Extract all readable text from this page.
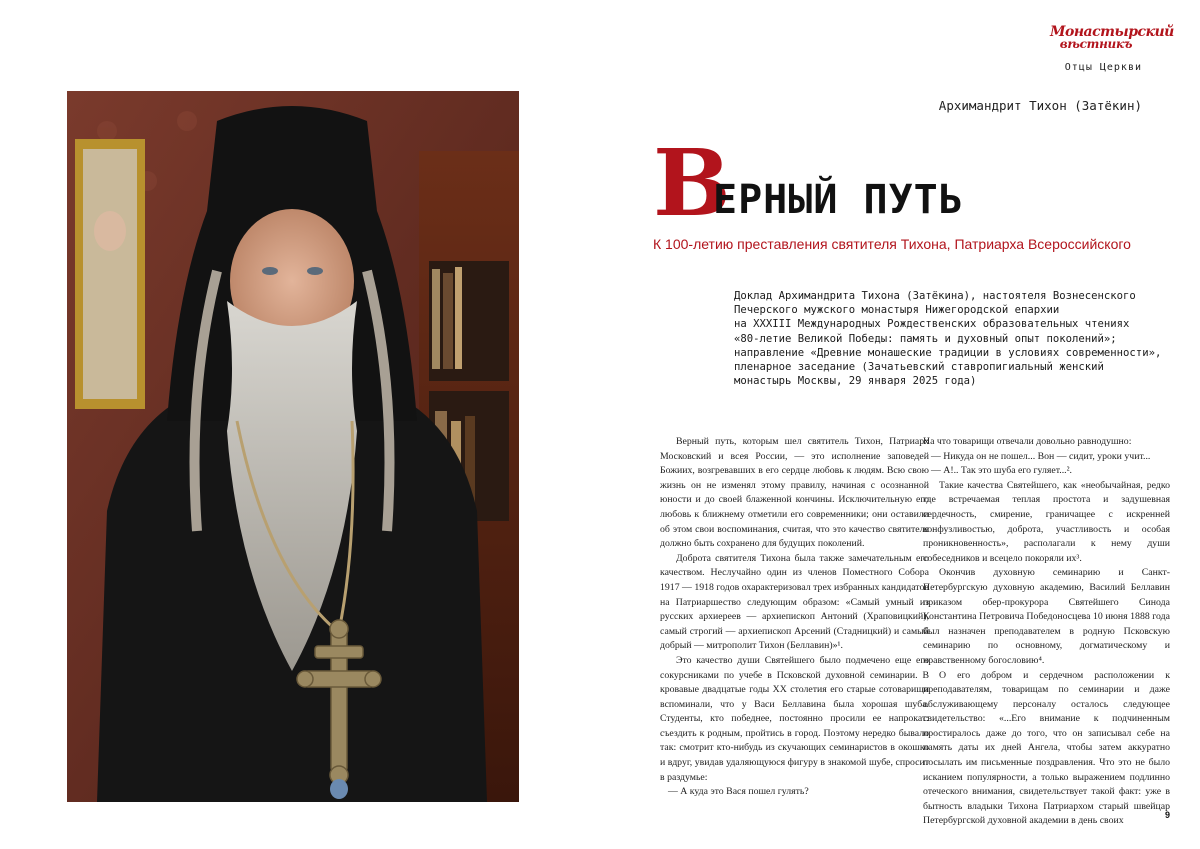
Монастырский
вѣстникъ
Отцы Церкви
Архимандрит Тихон (Затёкин)
В
ЕРНЫЙ ПУТЬ
К 100-летию преставления святителя Тихона, Патриарха Всероссийского
Доклад Архимандрита Тихона (Затёкина), настоятеля Вознесенского
Печерского мужского монастыря Нижегородской епархии
на XXXIII Международных Рождественских образовательных чтениях
«80-летие Великой Победы: память и духовный опыт поколений»;
направление «Древние монашеские традиции в условиях современности»,
пленарное заседание (Зачатьевский ставропигиальный женский
монастырь Москвы, 29 января 2025 года)

Верный путь, которым шел святитель Тихон, Патриарх Московский и всея России, — это исполнение заповедей Божиих, возгревавших в его сердце любовь к людям. Всю свою жизнь он не изменял этому правилу, начиная с осознанной юности и до своей блаженной кончины. Исключительную его любовь к ближнему отметили его современники; они оставили об этом свои воспоминания, считая, что это качество святителя должно быть сохранено для будущих поколений.

Доброта святителя Тихона была также замечательным его качеством. Неслучайно один из членов Поместного Собора 1917 — 1918 годов охарактеризовал трех избранных кандидатов на Патриаршество следующим образом: «Самый умный из русских архиереев — архиепископ Антоний (Храповицкий), самый строгий — архиепископ Арсений (Стадницкий) и самый добрый — митрополит Тихон (Беллавин)»¹.

Это качество души Святейшего было подмечено еще его сокурсниками по учебе в Псковской духовной семинарии. В кровавые двадцатые годы XX столетия его старые сотоварищи вспоминали, что у Васи Беллавина была хорошая шуба. Студенты, кто победнее, постоянно просили ее напрокат: съездить к родным, пройтись в город. Поэтому нередко бывало так: смотрит кто-нибудь из скучающих семинаристов в окошко и вдруг, увидав удаляющуюся фигуру в знакомой шубе, спросит в раздумье:

— А куда это Вася пошел гулять?

На что товарищи отвечали довольно равнодушно:

— Никуда он не пошел... Вон — сидит, уроки учит...

— А!.. Так это шуба его гуляет...².

Такие качества Святейшего, как «необычайная, редко где встречаемая теплая простота и задушевная сердечность, смирение, граничащее с искренней конфузливостью, доброта, участливость и особая проникновенность», располагали к нему души собеседников и всецело покоряли их³.

Окончив духовную семинарию и Санкт-Петербургскую духовную академию, Василий Беллавин приказом обер-прокурора Святейшего Синода Константина Петровича Победоносцева 10 июня 1888 года был назначен преподавателем в родную Псковскую семинарию по основному, догматическому и нравственному богословию⁴.

О его добром и сердечном расположении к преподавателям, товарищам по семинарии и даже обслуживающему персоналу осталось следующее свидетельство: «...Его внимание к подчиненным простиралось даже до того, что он записывал себе на память даты их дней Ангела, чтобы затем аккуратно посылать им письменные поздравления. Что это не было исканием популярности, а только выражением подлинно отеческого внимания, свидетельствует такой факт: уже в бытность владыки Тихона Патриархом старый швейцар Петербургской духовной академии в день своих

9
